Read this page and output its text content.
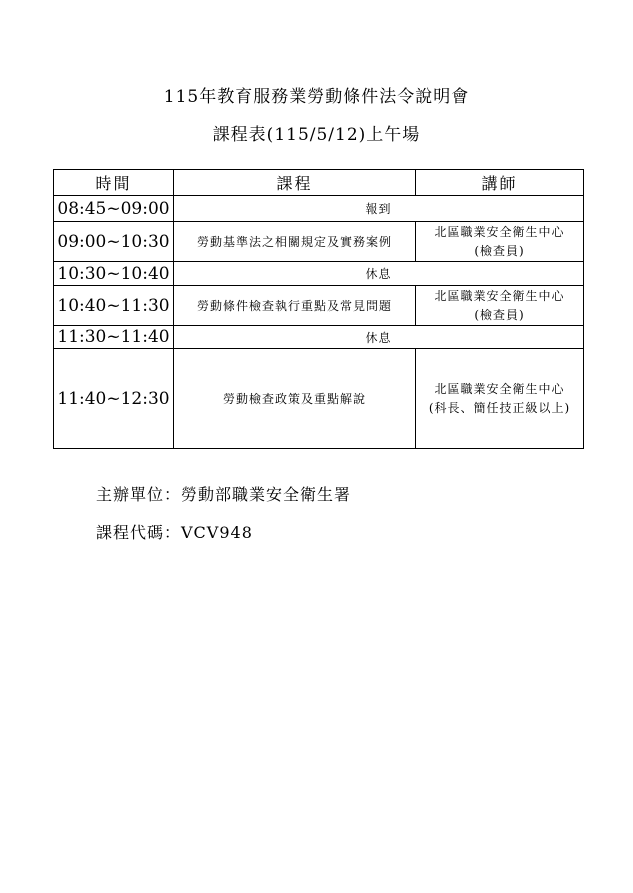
115年教育服務業勞動條件法令說明會
課程表(115/5/12)上午場
時間	課程	講師
08:45~09:00	報到	
09:00~10:30	勞動基準法之相關規定及實務案例	北區職業安全衛生中心
(檢查員)

10:30~10:40	休息	
10:40~11:30	勞動條件檢查執行重點及常見問題	北區職業安全衛生中心
(檢查員)

11:30~11:40	休息	
11:40~12:30	勞動檢查政策及重點解說	北區職業安全衛生中心
(科長、簡任技正級以上)
主辦單位：勞動部職業安全衛生署
課程代碼：VCV948
